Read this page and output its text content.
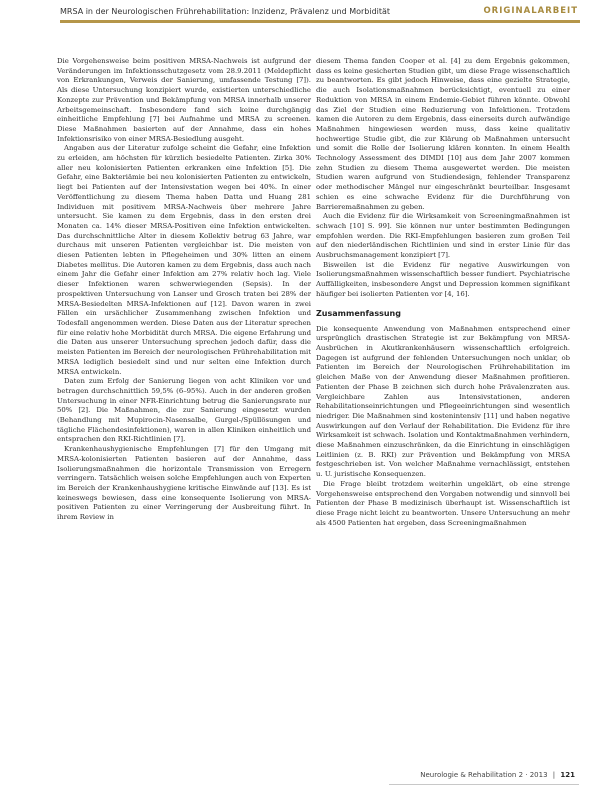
MRSA in der Neurologischen Frührehabilitation: Inzidenz, Prävalenz und Morbidität	ORIGINALARBEIT

Die Vorgehensweise beim positiven MRSA-Nachweis ist aufgrund der Veränderungen im Infektionsschutzgesetz vom 28.9.2011 (Meldepflicht von Erkrankungen, Verweis der Sanierung, umfassende Testung [7]). Als diese Untersuchung konzipiert wurde, existierten unterschiedliche Konzepte zur Prävention und Bekämpfung von MRSA innerhalb unserer Arbeitsgemeinschaft. Insbesondere fand sich keine durchgängig einheitliche Empfehlung [7] bei Aufnahme und MRSA zu screenen. Diese Maßnahmen basierten auf der Annahme, dass ein hohes Infektionsrisiko von einer MRSA-Besiedlung ausgeht.

Angaben aus der Literatur zufolge scheint die Gefahr, eine Infektion zu erleiden, am höchsten für kürzlich besiedelte Patienten. Zirka 30% aller neu kolonisierten Patienten erkranken eine Infektion [5]. Die Gefahr, eine Bakteriämie bei neu kolonisierten Patienten zu entwickeln, liegt bei Patienten auf der Intensivstation wegen bei 40%. In einer Veröffentlichung zu diesem Thema haben Datta und Huang 281 Individuen mit positivem MRSA-Nachweis über mehrere Jahre untersucht. Sie kamen zu dem Ergebnis, dass in den ersten drei Monaten ca. 14% dieser MRSA-Positiven eine Infektion entwickelten. Das durchschnittliche Alter in diesem Kollektiv betrug 63 Jahre, war durchaus mit unseren Patienten vergleichbar ist. Die meisten von diesen Patienten lebten in Pflegeheimen und 30% litten an einem Diabetes mellitus. Die Autoren kamen zu dem Ergebnis, dass auch nach einem Jahr die Gefahr einer Infektion am 27% relativ hoch lag. Viele dieser Infektionen waren schwerwiegenden (Sepsis). In der prospektiven Untersuchung von Lanser und Grosch traten bei 28% der MRSA-Besiedelten MRSA-Infektionen auf [12]. Davon waren in zwei Fällen ein ursächlicher Zusammenhang zwischen Infektion und Todesfall angenommen werden. Diese Daten aus der Literatur sprechen für eine relativ hohe Morbidität durch MRSA. Die eigene Erfahrung und die Daten aus unserer Untersuchung sprechen jedoch dafür, dass die meisten Patienten im Bereich der neurologischen Frührehabilitation mit MRSA lediglich besiedelt sind und nur selten eine Infektion durch MRSA entwickeln.

Daten zum Erfolg der Sanierung liegen von acht Kliniken vor und betragen durchschnittlich 59,5% (6–95%). Auch in der anderen großen Untersuchung in einer NFR-Einrichtung betrug die Sanierungsrate nur 50% [2]. Die Maßnahmen, die zur Sanierung eingesetzt wurden (Behandlung mit Mupirocin-Nasensalbe, Gurgel-/Spüllösungen und tägliche Flächendesinfektionen), waren in allen Kliniken einheitlich und entsprachen den RKI-Richtlinien [7].

Krankenhaushygienische Empfehlungen [7] für den Umgang mit MRSA-kolonisierten Patienten basieren auf der Annahme, dass Isolierungsmaßnahmen die horizontale Transmission von Erregern verringern. Tatsächlich weisen solche Empfehlungen auch von Experten im Bereich der Krankenhaushygiene kritische Einwände auf [13]. Es ist keineswegs bewiesen, dass eine konsequente Isolierung von MRSA-positiven Patienten zu einer Verringerung der Ausbreitung führt. In ihrem Review in

diesem Thema fanden Cooper et al. [4] zu dem Ergebnis gekommen, dass es keine gesicherten Studien gibt, um diese Frage wissenschaftlich zu beantworten. Es gibt jedoch Hinweise, dass eine gezielte Strategie, die auch Isolationsmaßnahmen berücksichtigt, eventuell zu einer Reduktion von MRSA in einem Endemie-Gebiet führen könnte. Obwohl das Ziel der Studien eine Reduzierung von Infektionen. Trotzdem kamen die Autoren zu dem Ergebnis, dass einerseits durch aufwändige Maßnahmen hingewiesen werden muss, dass keine qualitativ hochwertige Studie gibt, die zur Klärung ob Maßnahmen untersucht und somit die Rolle der Isolierung klären konnten. In einem Health Technology Assessment des DIMDI [10] aus dem Jahr 2007 kommen zehn Studien zu diesem Thema ausgewertet werden. Die meisten Studien waren aufgrund von Studiendesign, fehlender Transparenz oder methodischer Mängel nur eingeschränkt beurteilbar. Insgesamt schien es eine schwache Evidenz für die Durchführung von Barrieremaßnahmen zu geben.

Auch die Evidenz für die Wirksamkeit von Screeningmaßnahmen ist schwach [10] S. 99]. Sie können nur unter bestimmten Bedingungen empfohlen werden. Die RKI-Empfehlungen basieren zum großen Teil auf den niederländischen Richtlinien und sind in erster Linie für das Ausbruchsmanagement konzipiert [7].

Bisweilen ist die Evidenz für negative Auswirkungen von Isolierungsmaßnahmen wissenschaftlich besser fundiert. Psychiatrische Auffälligkeiten, insbesondere Angst und Depression kommen signifikant häufiger bei isolierten Patienten vor [4, 16].

Zusammenfassung

Die konsequente Anwendung von Maßnahmen entsprechend einer ursprünglich drastischen Strategie ist zur Bekämpfung von MRSA-Ausbrüchen in Akutkrankenhäusern wissenschaftlich erfolgreich. Dagegen ist aufgrund der fehlenden Untersuchungen noch unklar, ob Patienten im Bereich der Neurologischen Frührehabilitation im gleichen Maße von der Anwendung dieser Maßnahmen profitieren. Patienten der Phase B zeichnen sich durch hohe Prävalenzraten aus. Vergleichbare Zahlen aus Intensivstationen, anderen Rehabilitationseinrichtungen und Pflegeeinrichtungen sind wesentlich niedriger. Die Maßnahmen sind kostenintensiv [11] und haben negative Auswirkungen auf den Verlauf der Rehabilitation. Die Evidenz für ihre Wirksamkeit ist schwach. Isolation und Kontaktmaßnahmen verhindern, diese Maßnahmen einzuschränken, da die Einrichtung in einschlägigen Leitlinien (z. B. RKI) zur Prävention und Bekämpfung von MRSA festgeschrieben ist. Von welcher Maßnahme vernachlässigt, entstehen u. U. juristische Konsequenzen.

Die Frage bleibt trotzdem weiterhin ungeklärt, ob eine strenge Vorgehensweise entsprechend den Vorgaben notwendig und sinnvoll bei Patienten der Phase B medizinisch überhaupt ist. Wissenschaftlich ist diese Frage nicht leicht zu beantworten. Unsere Untersuchung an mehr als 4500 Patienten hat ergeben, dass Screeningmaßnahmen

Neurologie & Rehabilitation 2 · 2013 | 121
